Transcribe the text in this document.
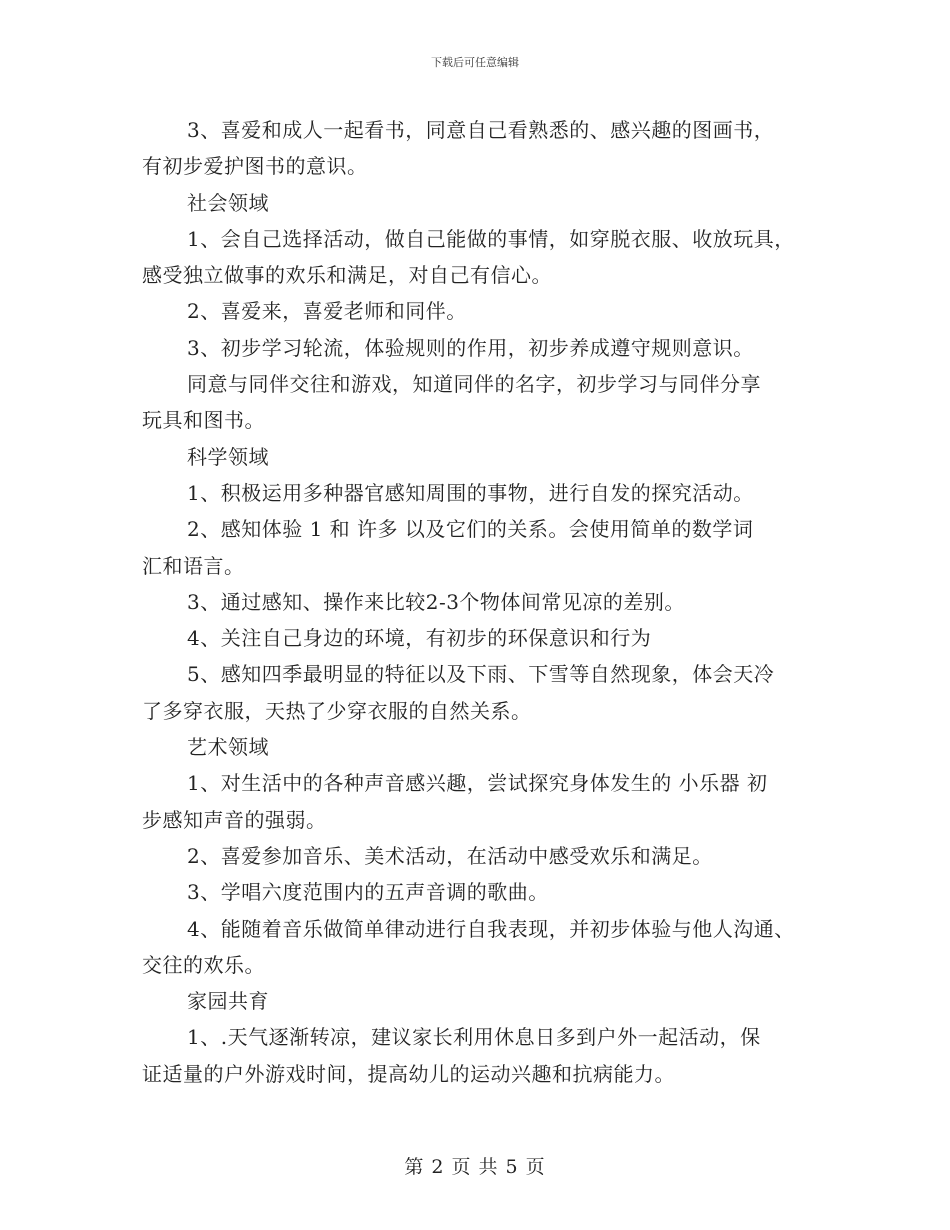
下载后可任意编辑
3、喜爱和成人一起看书，同意自己看熟悉的、感兴趣的图画书，
有初步爱护图书的意识。
社会领域
1、会自己选择活动，做自己能做的事情，如穿脱衣服、收放玩具，
感受独立做事的欢乐和满足，对自己有信心。
2、喜爱来，喜爱老师和同伴。
3、初步学习轮流，体验规则的作用，初步养成遵守规则意识。
同意与同伴交往和游戏，知道同伴的名字，初步学习与同伴分享
玩具和图书。
科学领域
1、积极运用多种器官感知周围的事物，进行自发的探究活动。
2、感知体验 1 和 许多 以及它们的关系。会使用简单的数学词
汇和语言。
3、通过感知、操作来比较2-3个物体间常见凉的差别。
4、关注自己身边的环境，有初步的环保意识和行为
5、感知四季最明显的特征以及下雨、下雪等自然现象，体会天冷
了多穿衣服，天热了少穿衣服的自然关系。
艺术领域
1、对生活中的各种声音感兴趣，尝试探究身体发生的 小乐器 初
步感知声音的强弱。
2、喜爱参加音乐、美术活动，在活动中感受欢乐和满足。
3、学唱六度范围内的五声音调的歌曲。
4、能随着音乐做简单律动进行自我表现，并初步体验与他人沟通、
交往的欢乐。
家园共育
1、.天气逐渐转凉，建议家长利用休息日多到户外一起活动，保
证适量的户外游戏时间，提高幼儿的运动兴趣和抗病能力。
第 2 页 共 5 页
